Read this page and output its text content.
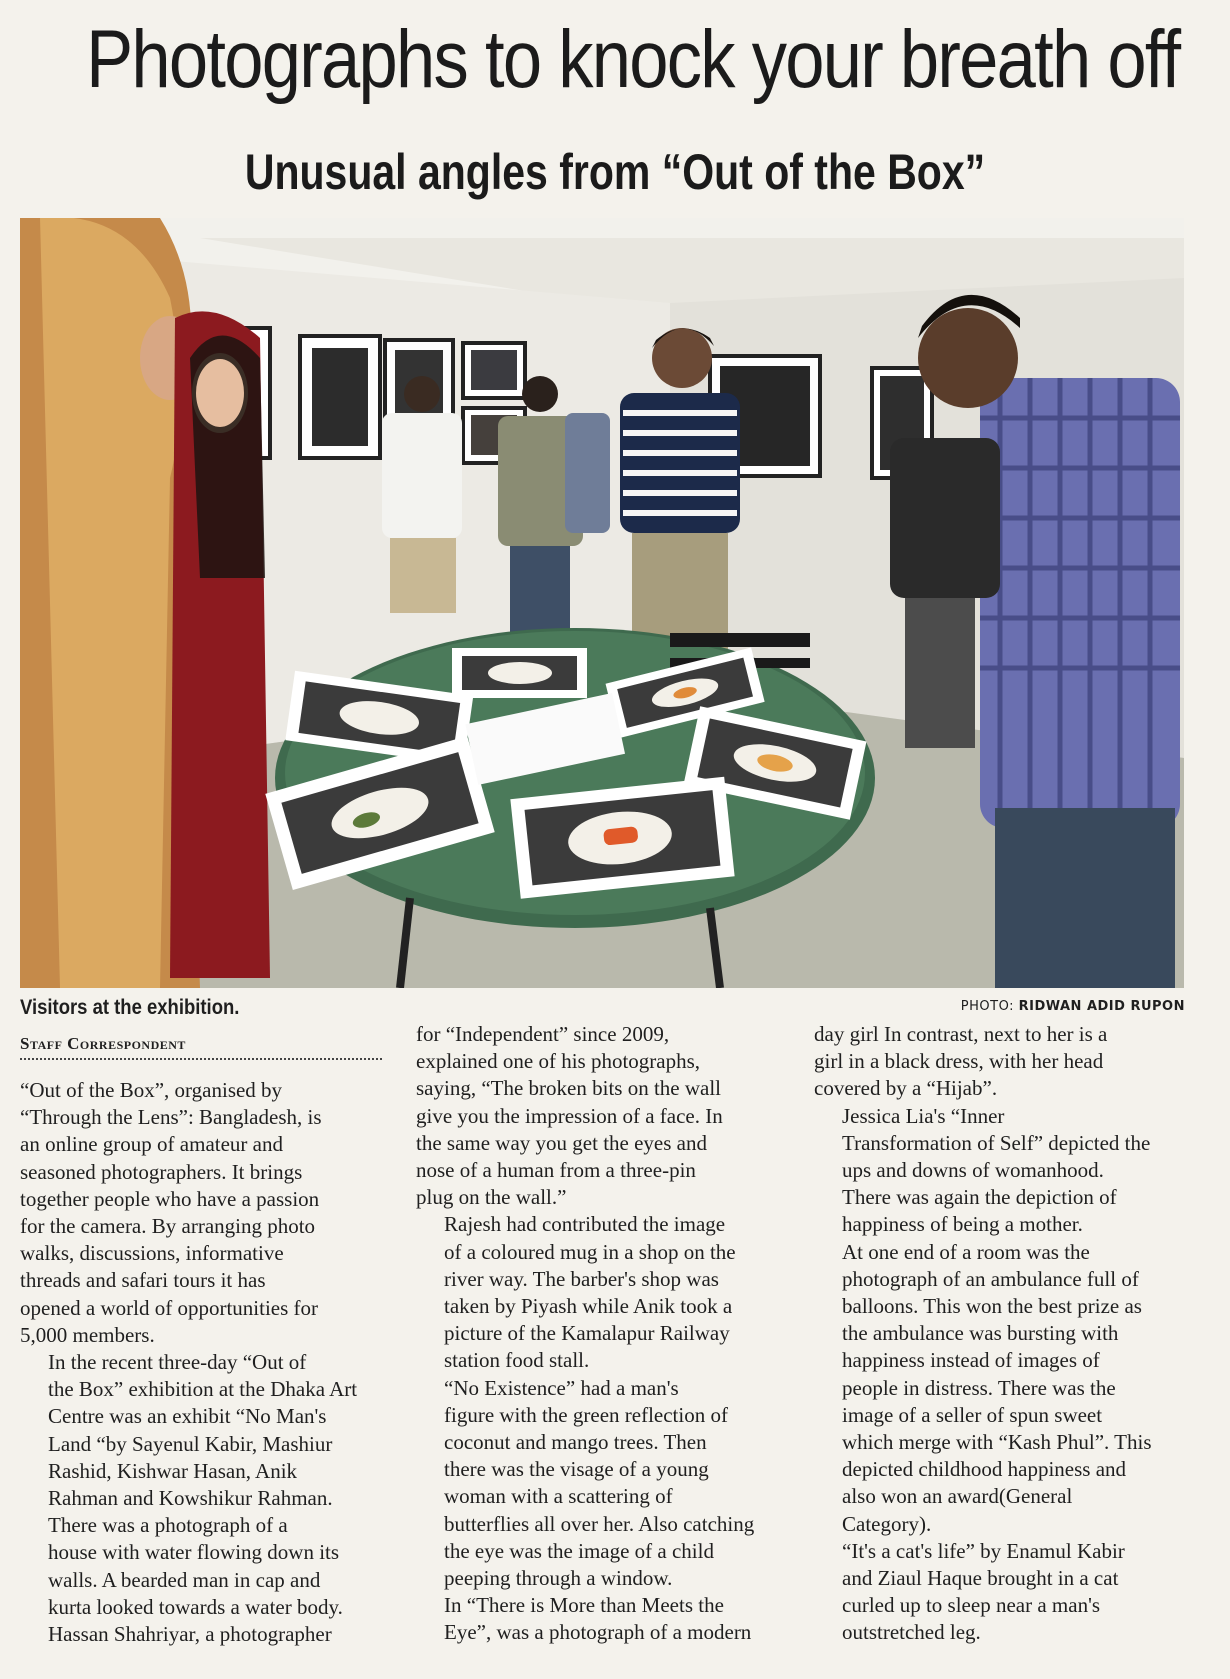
Photographs to knock your breath off
Unusual angles from “Out of the Box”
Visitors at the exhibition.	PHOTO: RIDWAN ADID RUPON
Staff Correspondent

“Out of the Box”, organised by
“Through the Lens”: Bangladesh, is
an online group of amateur and
seasoned photographers. It brings
together people who have a passion
for the camera. By arranging photo
walks, discussions, informative
threads and safari tours it has
opened a world of opportunities for
5,000 members.

In the recent three-day “Out of
the Box” exhibition at the Dhaka Art
Centre was an exhibit “No Man's
Land “by Sayenul Kabir, Mashiur
Rashid, Kishwar Hasan, Anik
Rahman and Kowshikur Rahman.

There was a photograph of a
house with water flowing down its
walls. A bearded man in cap and
kurta looked towards a water body.

Hassan Shahriyar, a photographer

for “Independent” since 2009,
explained one of his photographs,
saying, “The broken bits on the wall
give you the impression of a face. In
the same way you get the eyes and
nose of a human from a three-pin
plug on the wall.”

Rajesh had contributed the image
of a coloured mug in a shop on the
river way. The barber's shop was
taken by Piyash while Anik took a
picture of the Kamalapur Railway
station food stall.

“No Existence” had a man's
figure with the green reflection of
coconut and mango trees. Then
there was the visage of a young
woman with a scattering of
butterflies all over her. Also catching
the eye was the image of a child
peeping through a window.

In “There is More than Meets the
Eye”, was a photograph of a modern

day girl In contrast, next to her is a
girl in a black dress, with her head
covered by a “Hijab”.

Jessica Lia's “Inner
Transformation of Self” depicted the
ups and downs of womanhood.
There was again the depiction of
happiness of being a mother.

At one end of a room was the
photograph of an ambulance full of
balloons. This won the best prize as
the ambulance was bursting with
happiness instead of images of
people in distress. There was the
image of a seller of spun sweet
which merge with “Kash Phul”. This
depicted childhood happiness and
also won an award(General
Category).

“It's a cat's life” by Enamul Kabir
and Ziaul Haque brought in a cat
curled up to sleep near a man's
outstretched leg.
